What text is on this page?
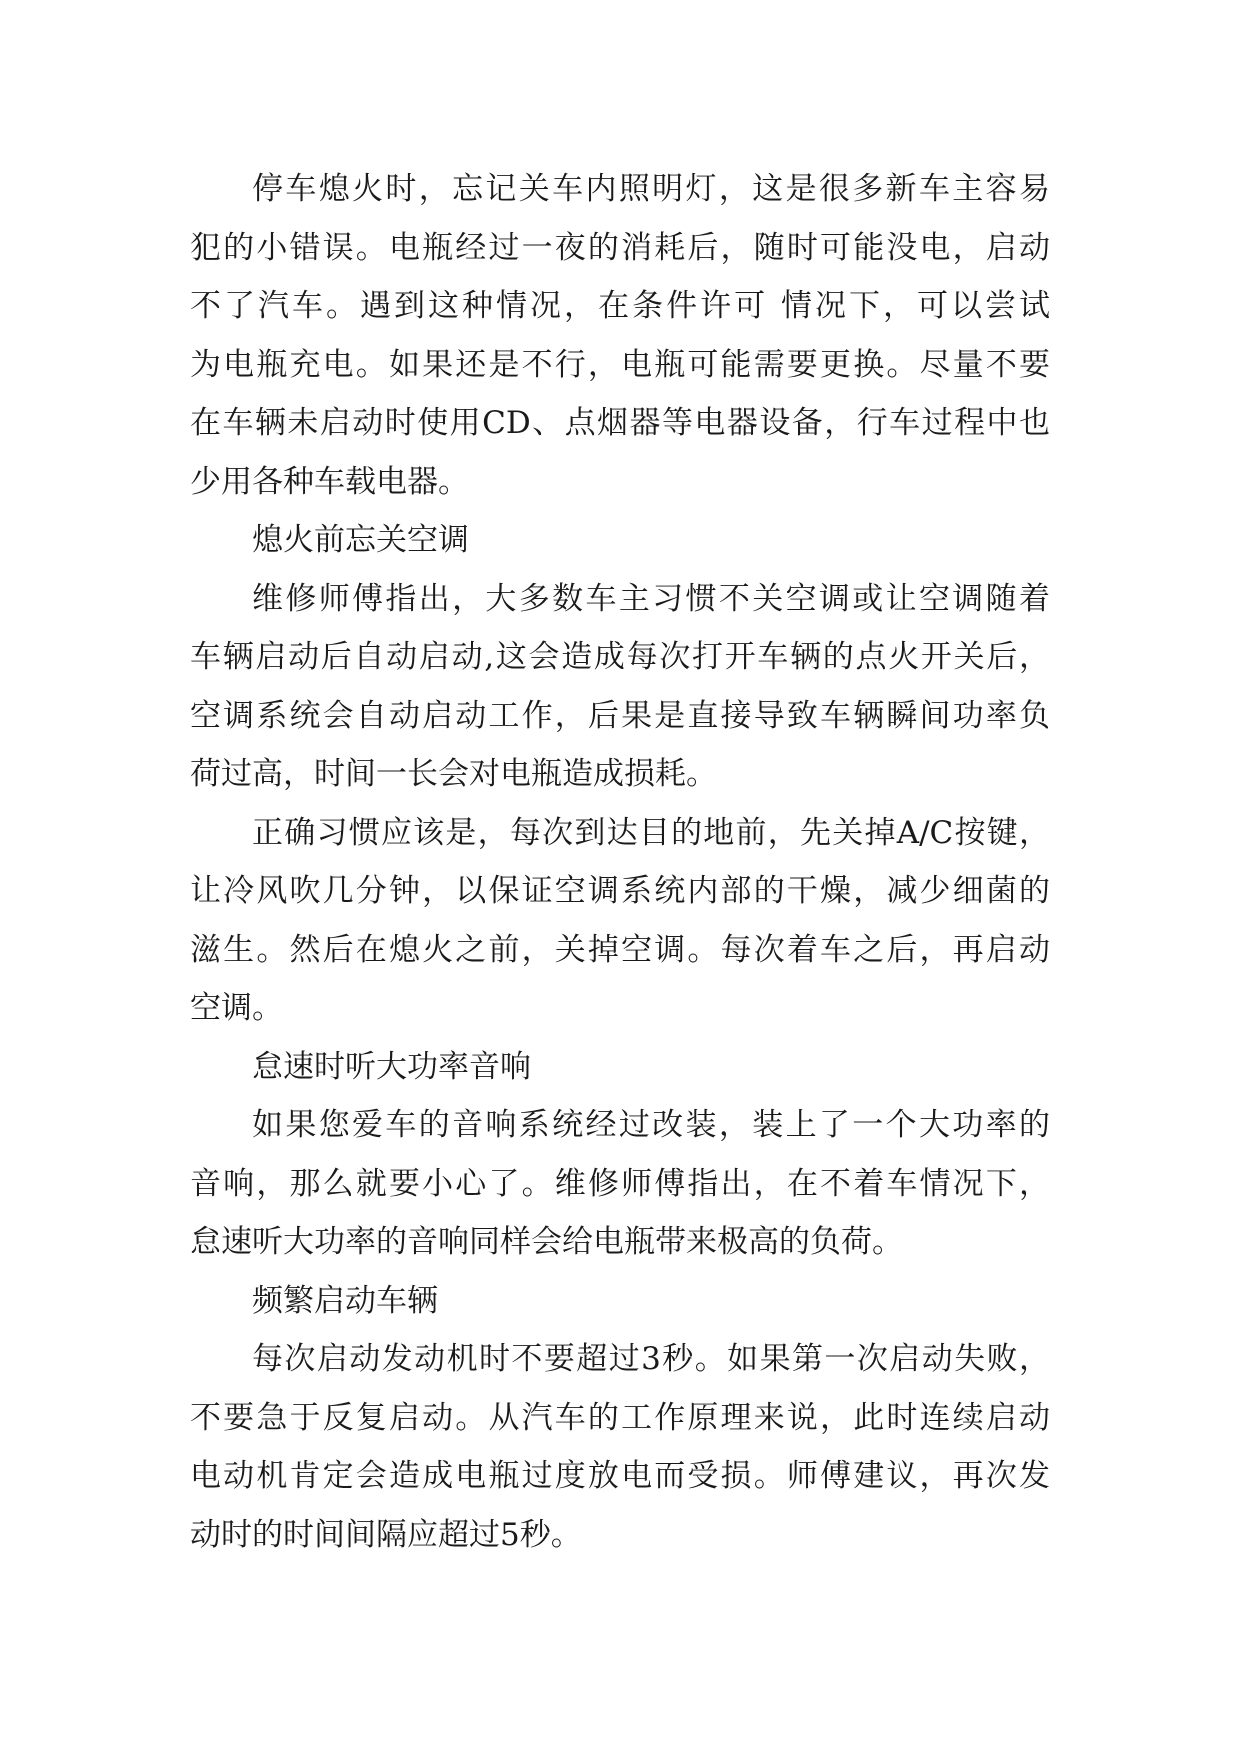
停车熄火时，忘记关车内照明灯，这是很多新车主容易
犯的小错误。电瓶经过一夜的消耗后，随时可能没电，启动
不了汽车。遇到这种情况，在条件许可 情况下，可以尝试
为电瓶充电。如果还是不行，电瓶可能需要更换。尽量不要
在车辆未启动时使用CD、点烟器等电器设备，行车过程中也
少用各种车载电器。
熄火前忘关空调
维修师傅指出，大多数车主习惯不关空调或让空调随着
车辆启动后自动启动,这会造成每次打开车辆的点火开关后，
空调系统会自动启动工作，后果是直接导致车辆瞬间功率负
荷过高，时间一长会对电瓶造成损耗。
正确习惯应该是，每次到达目的地前，先关掉A/C按键，
让冷风吹几分钟，以保证空调系统内部的干燥，减少细菌的
滋生。然后在熄火之前，关掉空调。每次着车之后，再启动
空调。
怠速时听大功率音响
如果您爱车的音响系统经过改装，装上了一个大功率的
音响，那么就要小心了。维修师傅指出，在不着车情况下，
怠速听大功率的音响同样会给电瓶带来极高的负荷。
频繁启动车辆
每次启动发动机时不要超过3秒。如果第一次启动失败，
不要急于反复启动。从汽车的工作原理来说，此时连续启动
电动机肯定会造成电瓶过度放电而受损。师傅建议，再次发
动时的时间间隔应超过5秒。
